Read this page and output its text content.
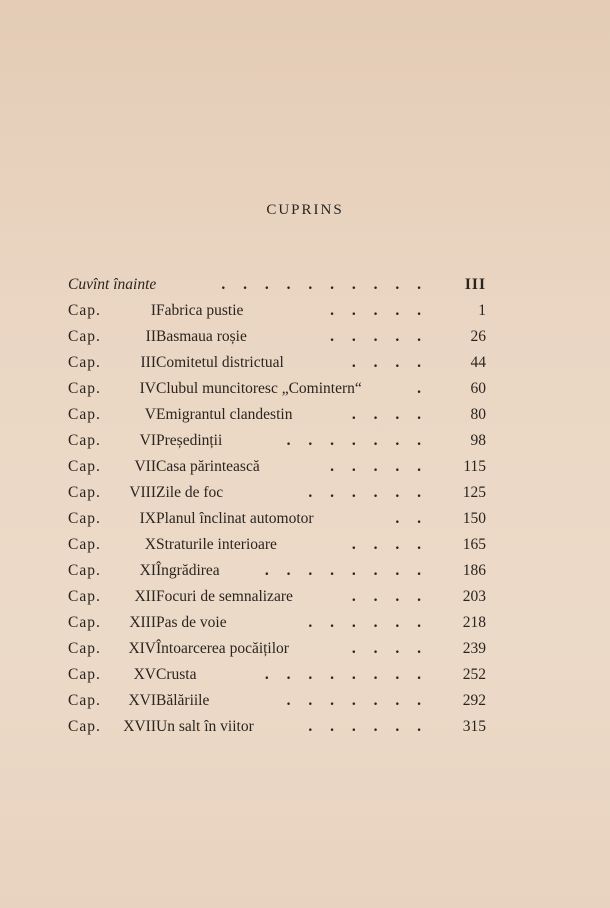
CUPRINS
Cuvînt înainte	. . . . . . . . . . III
Cap.	I Fabrica pustie	. . . . .	1
Cap.	II Basmaua roșie	. . . . .	26
Cap.	III Comitetul districtual	. . . .	44
Cap.	IV Clubul muncitoresc „Comintern“	.	60
Cap.	V Emigrantul clandestin	. . . .	80
Cap.	VI Președinții	. . . . . . .	98
Cap.	VII Casa părintească	. . . . . 115
Cap.	VIII Zile de foc	. . . . . . 125
Cap.	IX Planul înclinat automotor	. . 150
Cap.	X Straturile interioare	. . . . 165
Cap.	XI Îngrădirea	. . . . . . . . 186
Cap.	XII Focuri de semnalizare	. . . . 203
Cap.	XIII Pas de voie	. . . . . . 218
Cap.	XIV Întoarcerea pocăiților	. . . . 239
Cap.	XV Crusta	. . . . . . . . 252
Cap.	XVI Bălăriile	. . . . . . . 292
Cap.	XVII Un salt în viitor	. . . . . . 315
